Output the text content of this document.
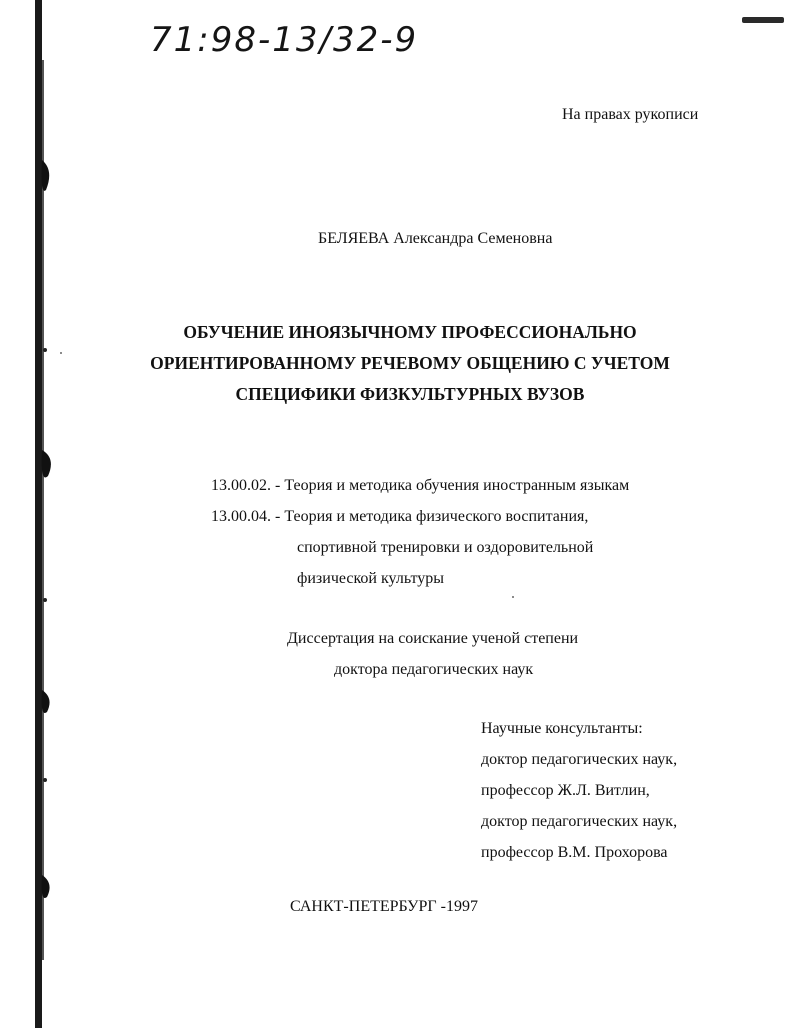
71:98-13/32-9
На правах рукописи
БЕЛЯЕВА Александра Семеновна
ОБУЧЕНИЕ ИНОЯЗЫЧНОМУ ПРОФЕССИОНАЛЬНО
ОРИЕНТИРОВАННОМУ РЕЧЕВОМУ ОБЩЕНИЮ С УЧЕТОМ
СПЕЦИФИКИ ФИЗКУЛЬТУРНЫХ ВУЗОВ
13.00.02. - Теория и методика обучения иностранным языкам
13.00.04. - Теория и методика физического воспитания,
спортивной тренировки и оздоровительной
физической культуры
Диссертация на соискание ученой степени
доктора педагогических наук
Научные консультанты:
доктор педагогических наук,
профессор Ж.Л. Витлин,
доктор педагогических наук,
профессор В.М. Прохорова
САНКТ-ПЕТЕРБУРГ -1997
